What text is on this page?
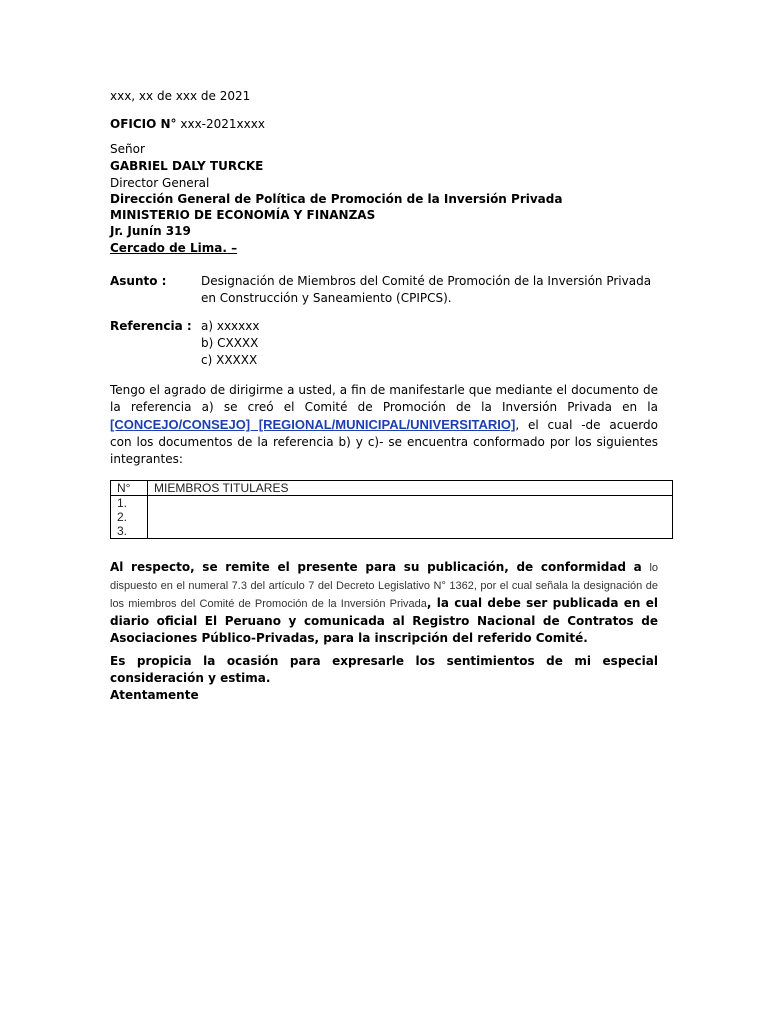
xxx, xx de xxx de 2021
OFICIO N° xxx-2021xxxx
Señor
GABRIEL DALY TURCKE
Director General
Dirección General de Política de Promoción de la Inversión Privada
MINISTERIO DE ECONOMÍA Y FINANZAS
Jr. Junín 319
Cercado de Lima. –
Asunto :	Designación de Miembros del Comité de Promoción de la Inversión Privada en Construcción y Saneamiento (CPIPCS).
Referencia : a) xxxxxx
b) CXXXX
c) XXXXX
Tengo el agrado de dirigirme a usted, a fin de manifestarle que mediante el documento de la referencia a) se creó el Comité de Promoción de la Inversión Privada en la [CONCEJO/CONSEJO] [REGIONAL/MUNICIPAL/UNIVERSITARIO], el cual -de acuerdo con los documentos de la referencia b) y c)- se encuentra conformado por los siguientes integrantes:
N°	MIEMBROS TITULARES

1.
2.
3.	

Al respecto, se remite el presente para su publicación, de conformidad a lo dispuesto en el numeral 7.3 del artículo 7 del Decreto Legislativo N° 1362, por el cual señala la designación de los miembros del Comité de Promoción de la Inversión Privada, la cual debe ser publicada en el diario oficial El Peruano y comunicada al Registro Nacional de Contratos de Asociaciones Público-Privadas, para la inscripción del referido Comité.
Es propicia la ocasión para expresarle los sentimientos de mi especial consideración y estima.
Atentamente
